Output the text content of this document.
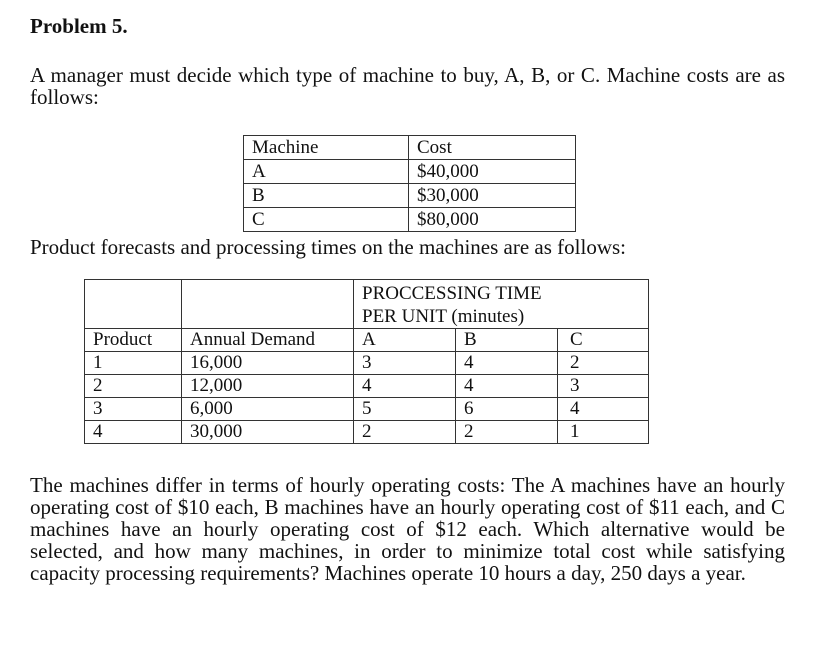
Problem 5.
A manager must decide which type of machine to buy, A, B, or C. Machine costs are as follows:
Machine	Cost
A	$40,000
B	$30,000
C	$80,000
Product forecasts and processing times on the machines are as follows:
		PROCCESSING TIME
PER UNIT (minutes)		
Product	Annual Demand	A	B	C
1	16,000	3	4	2
2	12,000	4	4	3
3	6,000	5	6	4
4	30,000	2	2	1
The machines differ in terms of hourly operating costs: The A machines have an hourly operating cost of $10 each, B machines have an hourly operating cost of $11 each, and C machines have an hourly operating cost of $12 each. Which alternative would be selected, and how many machines, in order to minimize total cost while satisfying capacity processing requirements? Machines operate 10 hours a day, 250 days a year.
